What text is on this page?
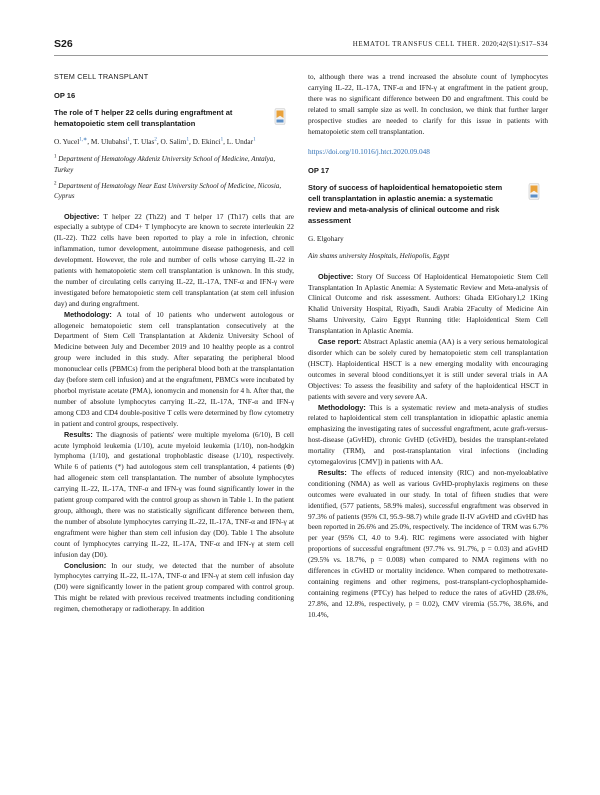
S26	HEMATOL TRANSFUS CELL THER. 2020;42(S1):S17–S34
STEM CELL TRANSPLANT
OP 16
The role of T helper 22 cells during engraftment at hematopoietic stem cell transplantation
O. Yucel$^{1,∗}$, M. Ulubahsi$^1$, T. Ulas$^2$, O. Salim$^1$, D. Ekinci$^1$, L. Undar$^1$
$^1$ Department of Hematology Akdeniz University School of Medicine, Antalya, Turkey
$^2$ Department of Hematology Near East University School of Medicine, Nicosia, Cyprus

Objective: T helper 22 (Th22) and T helper 17 (Th17) cells that are especially a subtype of CD4+ T lymphocyte are known to secrete interleukin 22 (IL-22). Th22 cells have been reported to play a role in infection, chronic inflammation, tumor development, autoimmune disease pathogenesis, and cell development. However, the role and number of cells whose carrying IL-22 in patients with hematopoietic stem cell transplantation is unknown. In this study, the number of circulating cells carrying IL-22, IL-17A, TNF-α and IFN-γ were investigated before hematopoietic stem cell transplantation (at stem cell infusion day) and during engraftment.

Methodology: A total of 10 patients who underwent autologous or allogeneic hematopoietic stem cell transplantation consecutively at the Department of Stem Cell Transplantation at Akdeniz University School of Medicine between July and December 2019 and 10 healthy people as a control group were included in this study. After separating the peripheral blood mononuclear cells (PBMCs) from the peripheral blood both at the transplantation day (before stem cell infusion) and at the engraftment, PBMCs were incubated by phorbol myristate acetate (PMA), ionomycin and monensin for 4 h. After that, the number of absolute lymphocytes carrying IL-22, IL-17A, TNF-α and IFN-γ among CD3 and CD4 double-positive T cells were determined by flow cytometry in patient and control groups, respectively.

Results: The diagnosis of patients' were multiple myeloma (6/10), B cell acute lymphoid leukemia (1/10), acute myeloid leukemia (1/10), non-hodgkin lymphoma (1/10), and gestational trophoblastic disease (1/10), respectively. While 6 of patients (*) had autologous stem cell transplantation, 4 patients (Φ) had allogeneic stem cell transplantation. The number of absolute lymphocytes carrying IL-22, IL-17A, TNF-α and IFN-γ was found significantly lower in the patient group compared with the control group as shown in Table 1. In the patient group, although, there was no statistically significant difference between them, the number of absolute lymphocytes carrying IL-22, IL-17A, TNF-α and IFN-γ at engraftment were higher than stem cell infusion day (D0). Table 1 The absolute count of lymphocytes carrying IL-22, IL-17A, TNF-α and IFN-γ at stem cell infusion day (D0).

Conclusion: In our study, we detected that the number of absolute lymphocytes carrying IL-22, IL-17A, TNF-α and IFN-γ at stem cell infusion day (D0) were significantly lower in the patient group compared with control group. This might be related with previous received treatments including conditioning regimen, chemotherapy or radiotherapy. In addition

to, although there was a trend increased the absolute count of lymphocytes carrying IL-22, IL-17A, TNF-α and IFN-γ at engraftment in the patient group, there was no significant difference between D0 and engraftment. This could be related to small sample size as well. In conclusion, we think that further larger prospective studies are needed to clarify for this issue in patients with hematopoietic stem cell transplantation.

https://doi.org/10.1016/j.htct.2020.09.048
OP 17
Story of success of haploidentical hematopoietic stem cell transplantation in aplastic anemia: a systematic review and meta-analysis of clinical outcome and risk assessment
G. Elgohary
Ain shams university Hospitals, Heliopolis, Egypt

Objective: Story Of Success Of Haploidentical Hematopoietic Stem Cell Transplantation In Aplastic Anemia: A Systematic Review and Meta-analysis of Clinical Outcome and risk assessment. Authors: Ghada ElGohary1,2 1King Khalid University Hospital, Riyadh, Saudi Arabia 2Faculty of Medicine Ain Shams University, Cairo Egypt Running title: Haploidentical Stem Cell Transplantation in Aplastic Anemia.

Case report: Abstract Aplastic anemia (AA) is a very serious hematological disorder which can be solely cured by hematopoietic stem cell transplantation (HSCT). Haploidentical HSCT is a new emerging modality with encouraging outcomes in several blood conditions,yet it is still under several trials in AA Objectives: To assess the feasibility and safety of the haploidentical HSCT in patients with severe and very severe AA.

Methodology: This is a systematic review and meta-analysis of studies related to haploidentical stem cell transplantation in idiopathic aplastic anemia emphasizing the investigating rates of successful engraftment, acute graft-versus-host-disease (aGvHD), chronic GvHD (cGvHD), besides the transplant-related mortality (TRM), and post-transplantation viral infections (including cytomegalovirus [CMV]) in patients with AA.

Results: The effects of reduced intensity (RIC) and non-myeloablative conditioning (NMA) as well as various GvHD-prophylaxis regimens on these outcomes were evaluated in our study. In total of fifteen studies that were identified, (577 patients, 58.9% males), successful engraftment was observed in 97.3% of patients (95% CI, 95.9–98.7) while grade II-IV aGvHD and cGvHD has been reported in 26.6% and 25.0%, respectively. The incidence of TRM was 6.7% per year (95% CI, 4.0 to 9.4). RIC regimens were associated with higher proportions of successful engraftment (97.7% vs. 91.7%, p = 0.03) and aGvHD (29.5% vs. 18.7%, p = 0.008) when compared to NMA regimens with no differences in cGvHD or mortality incidence. When compared to methotrexate-containing regimens and other regimens, post-transplant-cyclophosphamide-containing regimens (PTCy) has helped to reduce the rates of aGvHD (28.6%, 27.8%, and 12.8%, respectively, p = 0.02), CMV viremia (55.7%, 38.6%, and 10.4%,
